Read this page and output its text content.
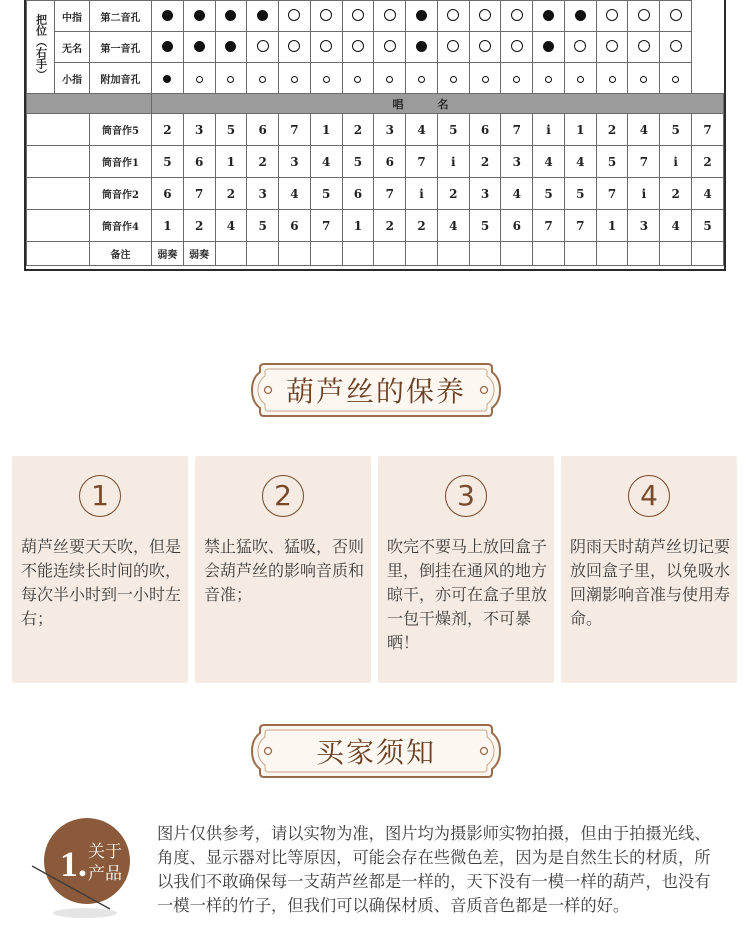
把位（右手）	中指	第二音孔																		
	无名	第一音孔																		
	小指	附加音孔																		
			唱名																	
		筒音作5	2	3	5	6	7	1	2	3	4	5	6	7	i	1	2	4	5	7
		筒音作1	5	6	1	2	3	4	5	6	7	i	2	3	4	4	5	7	i	2
		筒音作2	6	7	2	3	4	5	6	7	i	2	3	4	5	5	7	i	2	4
		筒音作4	1	2	4	5	6	7	1	2	2	4	5	6	7	7	1	3	4	5
		备注	弱奏	弱奏																
葫芦丝的保养
1
葫芦丝要天天吹，但是不能连续长时间的吹，每次半小时到一小时左右；
2
禁止猛吹、猛吸，否则会葫芦丝的影响音质和音准；
3
吹完不要马上放回盒子里，倒挂在通风的地方晾干，亦可在盒子里放一包干燥剂，不可暴晒！
4
阴雨天时葫芦丝切记要放回盒子里，以免吸水回潮影响音准与使用寿命。
买家须知
1. 关于
产品
图片仅供参考，请以实物为准，图片均为摄影师实物拍摄，但由于拍摄光线、角度、显示器对比等原因，可能会存在些微色差，因为是自然生长的材质，所以我们不敢确保每一支葫芦丝都是一样的，天下没有一模一样的葫芦，也没有一模一样的竹子，但我们可以确保材质、音质音色都是一样的好。
